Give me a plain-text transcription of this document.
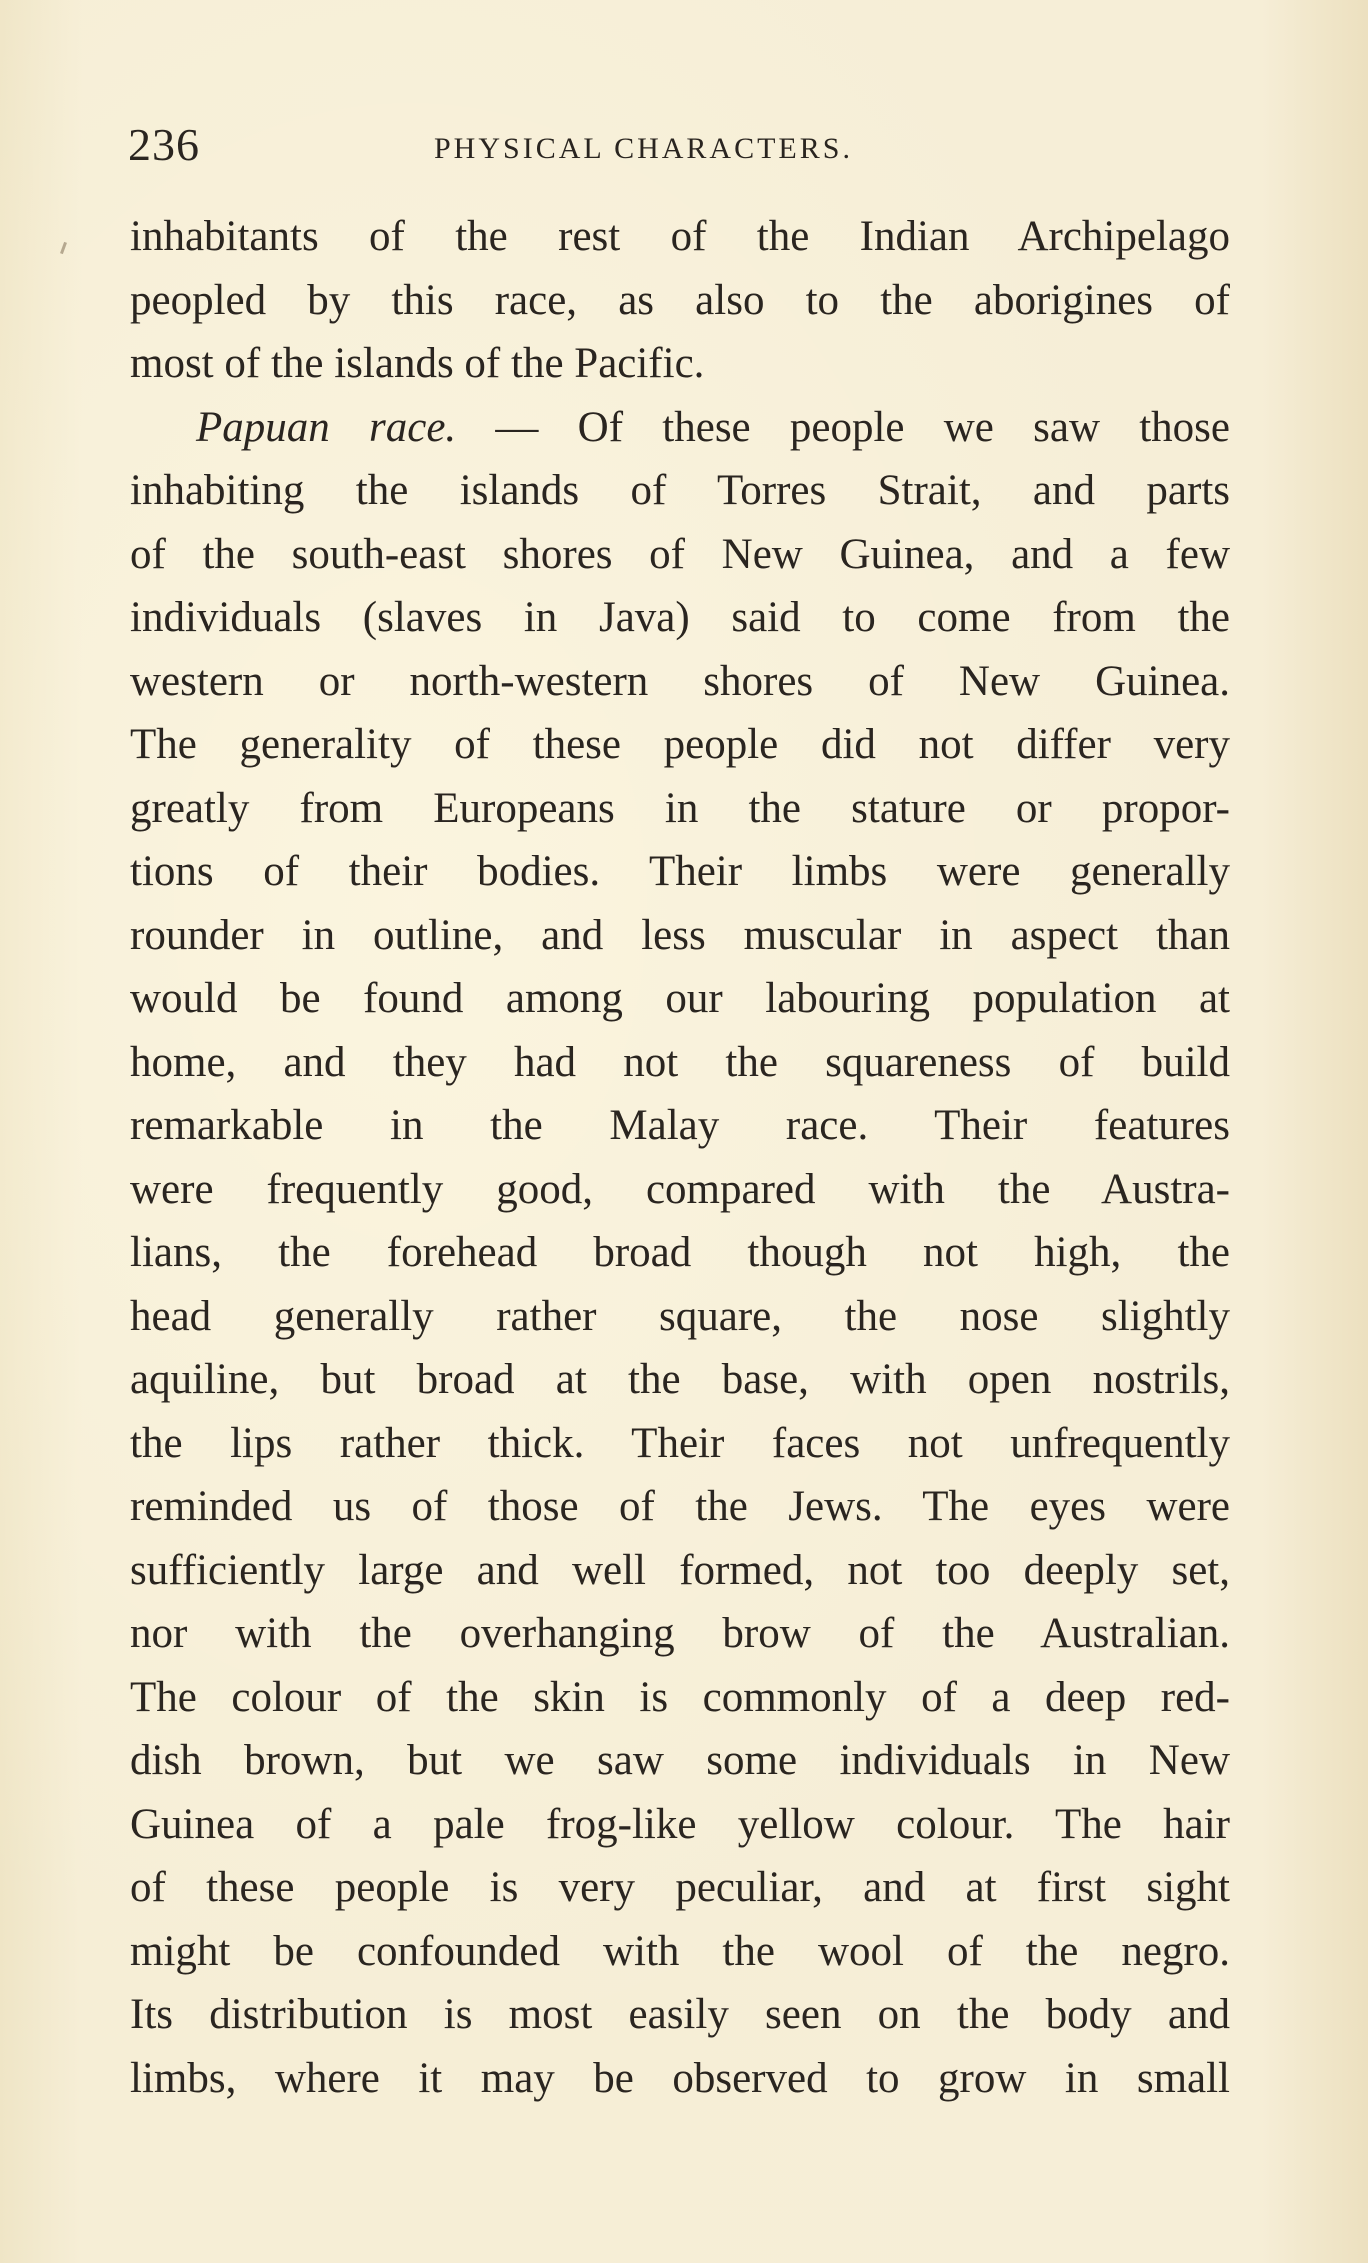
236	PHYSICAL CHARACTERS.
inhabitants of the rest of the Indian Archipelago
peopled by this race, as also to the aborigines of
most of the islands of the Pacific.
Papuan race. — Of these people we saw those
inhabiting the islands of Torres Strait, and parts
of the south-east shores of New Guinea, and a few
individuals (slaves in Java) said to come from the
western or north-western shores of New Guinea.
The generality of these people did not differ very
greatly from Europeans in the stature or propor-
tions of their bodies. Their limbs were generally
rounder in outline, and less muscular in aspect than
would be found among our labouring population at
home, and they had not the squareness of build
remarkable in the Malay race. Their features
were frequently good, compared with the Austra-
lians, the forehead broad though not high, the
head generally rather square, the nose slightly
aquiline, but broad at the base, with open nostrils,
the lips rather thick. Their faces not unfrequently
reminded us of those of the Jews. The eyes were
sufficiently large and well formed, not too deeply set,
nor with the overhanging brow of the Australian.
The colour of the skin is commonly of a deep red-
dish brown, but we saw some individuals in New
Guinea of a pale frog-like yellow colour. The hair
of these people is very peculiar, and at first sight
might be confounded with the wool of the negro.
Its distribution is most easily seen on the body and
limbs, where it may be observed to grow in small
